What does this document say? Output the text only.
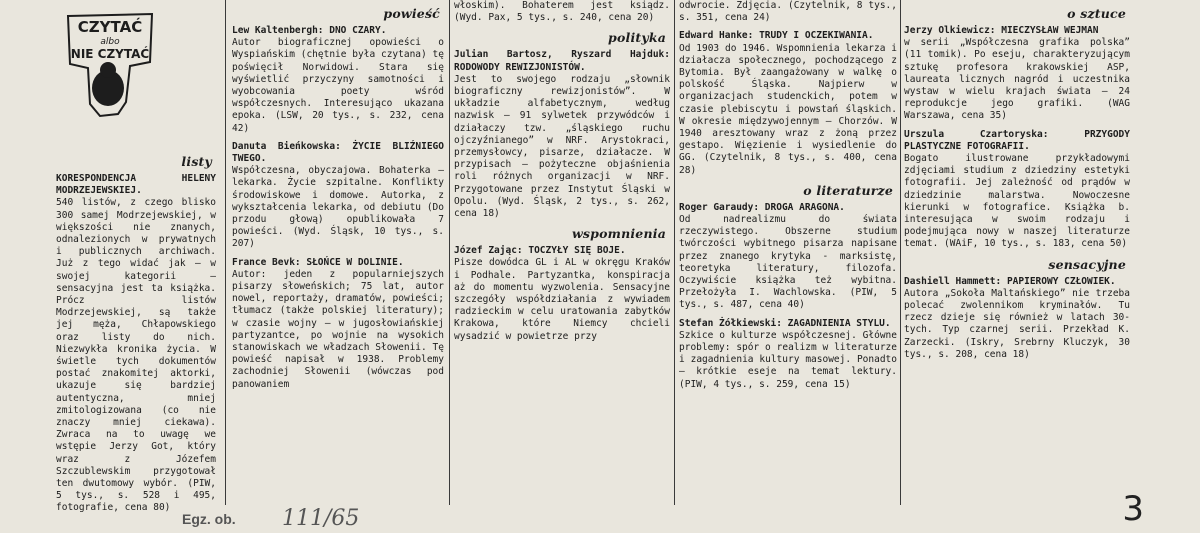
CZYTAĆ
albo
NIE CZYTAĆ
listy

KORESPONDENCJA HELENY MODRZEJEWSKIEJ.

540 listów, z czego blisko 300 samej Modrzejewskiej, w większości nie znanych, odnalezionych w prywatnych i publicznych archiwach. Już z tego widać jak — w swojej kategorii — sensacyjna jest ta książka. Prócz listów Modrzejewskiej, są także jej męża, Chłapowskiego oraz listy do nich. Niezwykła kronika życia. W świetle tych dokumentów postać znakomitej aktorki, ukazuje się bardziej autentyczna, mniej zmitologizowana (co nie znaczy mniej ciekawa). Zwraca na to uwagę we wstępie Jerzy Got, który wraz z Józefem Szczublewskim przygotował ten dwutomowy wybór. (PIW, 5 tys., s. 528 i 495, fotografie, cena 80)

powieść

Lew Kaltenbergh: DNO CZARY.

Autor biograficznej opowieści o Wyspiańskim (chętnie była czytana) tę poświęcił Norwidowi. Stara się wyświetlić przyczyny samotności i wyobcowania poety wśród współczesnych. Interesująco ukazana epoka. (LSW, 20 tys., s. 232, cena 42)

Danuta Bieńkowska: ŻYCIE BLIŹNIEGO TWEGO.

Współczesna, obyczajowa. Bohaterka — lekarka. Życie szpitalne. Konflikty środowiskowe i domowe. Autorka, z wykształcenia lekarka, od debiutu (Do przodu głową) opublikowała 7 powieści. (Wyd. Śląsk, 10 tys., s. 207)

France Bevk: SŁOŃCE W DOLINIE.

Autor: jeden z popularniejszych pisarzy słoweńskich; 75 lat, autor nowel, reportaży, dramatów, powieści; tłumacz (także polskiej literatury); w czasie wojny — w jugosłowiańskiej partyzantce, po wojnie na wysokich stanowiskach we władzach Słowenii. Tę powieść napisał w 1938. Problemy zachodniej Słowenii (wówczas pod panowaniem

włoskim). Bohaterem jest ksiądz. (Wyd. Pax, 5 tys., s. 240, cena 20)

polityka

Julian Bartosz, Ryszard Hajduk: RODOWODY REWIZJONISTÓW.

Jest to swojego rodzaju „słownik biograficzny rewizjonistów”. W układzie alfabetycznym, według nazwisk — 91 sylwetek przywódców i działaczy tzw. „śląskiego ruchu ojczyźnianego” w NRF. Arystokraci, przemysłowcy, pisarze, działacze. W przypisach — pożyteczne objaśnienia roli różnych organizacji w NRF. Przygotowane przez Instytut Śląski w Opolu. (Wyd. Śląsk, 2 tys., s. 262, cena 18)

wspomnienia

Józef Zając: TOCZYŁY SIĘ BOJE.

Pisze dowódca GL i AL w okręgu Kraków i Podhale. Partyzantka, konspiracja aż do momentu wyzwolenia. Sensacyjne szczegóły współdziałania z wywiadem radzieckim w celu uratowania zabytków Krakowa, które Niemcy chcieli wysadzić w powietrze przy

odwrocie. Zdjęcia. (Czytelnik, 8 tys., s. 351, cena 24)

Edward Hanke: TRUDY I OCZEKIWANIA.

Od 1903 do 1946. Wspomnienia lekarza i działacza społecznego, pochodzącego z Bytomia. Był zaangażowany w walkę o polskość Śląska. Najpierw w organizacjach studenckich, potem w czasie plebiscytu i powstań śląskich. W okresie międzywojennym — Chorzów. W 1940 aresztowany wraz z żoną przez gestapo. Więzienie i wysiedlenie do GG. (Czytelnik, 8 tys., s. 400, cena 28)

o literaturze

Roger Garaudy: DROGA ARAGONA.

Od nadrealizmu do świata rzeczywistego. Obszerne studium twórczości wybitnego pisarza napisane przez znanego krytyka - marksistę, teoretyka literatury, filozofa. Oczywiście książka też wybitna. Przełożyła I. Wachlowska. (PIW, 5 tys., s. 487, cena 40)

Stefan Żółkiewski: ZAGADNIENIA STYLU.

Szkice o kulturze współczesnej. Główne problemy: spór o realizm w literaturze i zagadnienia kultury masowej. Ponadto — krótkie eseje na temat lektury. (PIW, 4 tys., s. 259, cena 15)

o sztuce

Jerzy Olkiewicz: MIECZYSŁAW WEJMAN

w serii „Współczesna grafika polska” (11 tomik). Po eseju, charakteryzującym sztukę profesora krakowskiej ASP, laureata licznych nagród i uczestnika wystaw w wielu krajach świata — 24 reprodukcje jego grafiki. (WAG Warszawa, cena 35)

Urszula Czartoryska: PRZYGODY PLASTYCZNE FOTOGRAFII.

Bogato ilustrowane przykładowymi zdjęciami studium z dziedziny estetyki fotografii. Jej zależność od prądów w dziedzinie malarstwa. Nowoczesne kierunki w fotografice. Książka b. interesująca w swoim rodzaju i podejmująca nowy w naszej literaturze temat. (WAiF, 10 tys., s. 183, cena 50)

sensacyjne

Dashiell Hammett: PAPIEROWY CZŁOWIEK.

Autora „Sokoła Maltańskiego” nie trzeba polecać zwolennikom kryminałów. Tu rzecz dzieje się również w latach 30-tych. Typ czarnej serii. Przekład K. Zarzecki. (Iskry, Srebrny Kluczyk, 30 tys., s. 208, cena 18)

Egz. ob. 111/65	3
